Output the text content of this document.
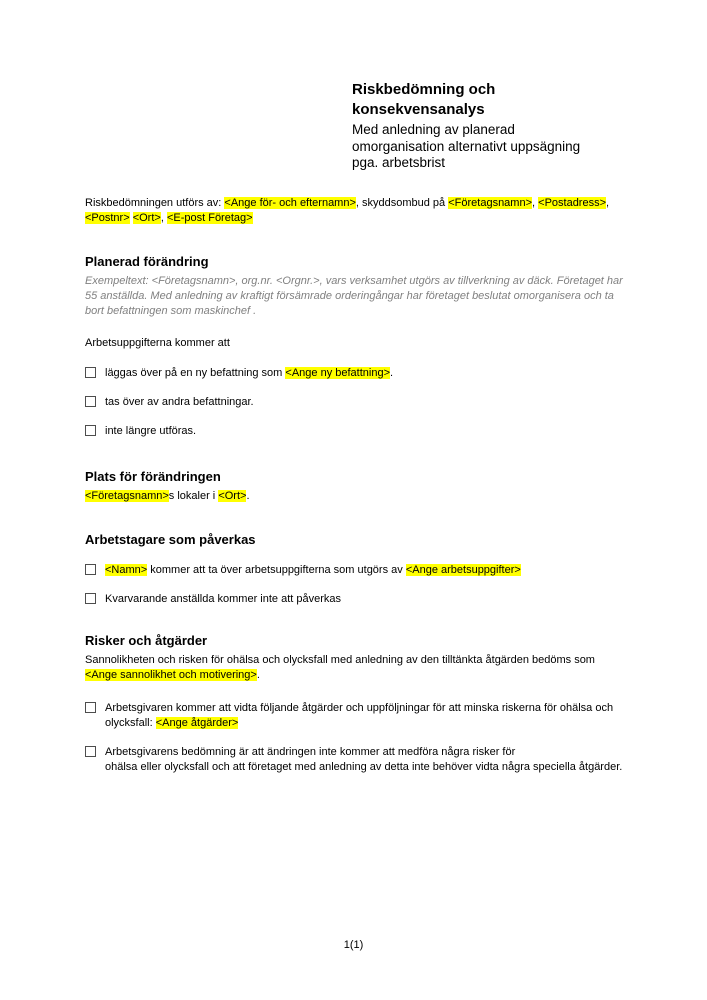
Riskbedömning och konsekvensanalys

Med anledning av planerad omorganisation alternativt uppsägning pga. arbetsbrist

Riskbedömningen utförs av: <Ange för- och efternamn>, skyddsombud på <Företagsnamn>, <Postadress>, <Postnr> <Ort>, <E-post Företag>

Planerad förändring

Exempeltext: <Företagsnamn>, org.nr. <Orgnr.>, vars verksamhet utgörs av tillverkning av däck. Företaget har 55 anställda. Med anledning av kraftigt försämrade orderingångar har företaget beslutat omorganisera och ta bort befattningen som maskinchef .

Arbetsuppgifterna kommer att

läggas över på en ny befattning som <Ange ny befattning>.
tas över av andra befattningar.
inte längre utföras.
Plats för förändringen

<Företagsnamn>s lokaler i <Ort>.

Arbetstagare som påverkas
<Namn> kommer att ta över arbetsuppgifterna som utgörs av <Ange arbetsuppgifter>
Kvarvarande anställda kommer inte att påverkas
Risker och åtgärder

Sannolikheten och risken för ohälsa och olycksfall med anledning av den tilltänkta åtgärden bedöms som <Ange sannolikhet och motivering>.

Arbetsgivaren kommer att vidta följande åtgärder och uppföljningar för att minska riskerna för ohälsa och olycksfall: <Ange åtgärder>
Arbetsgivarens bedömning är att ändringen inte kommer att medföra några risker för
ohälsa eller olycksfall och att företaget med anledning av detta inte behöver vidta några speciella åtgärder.
1(1)
